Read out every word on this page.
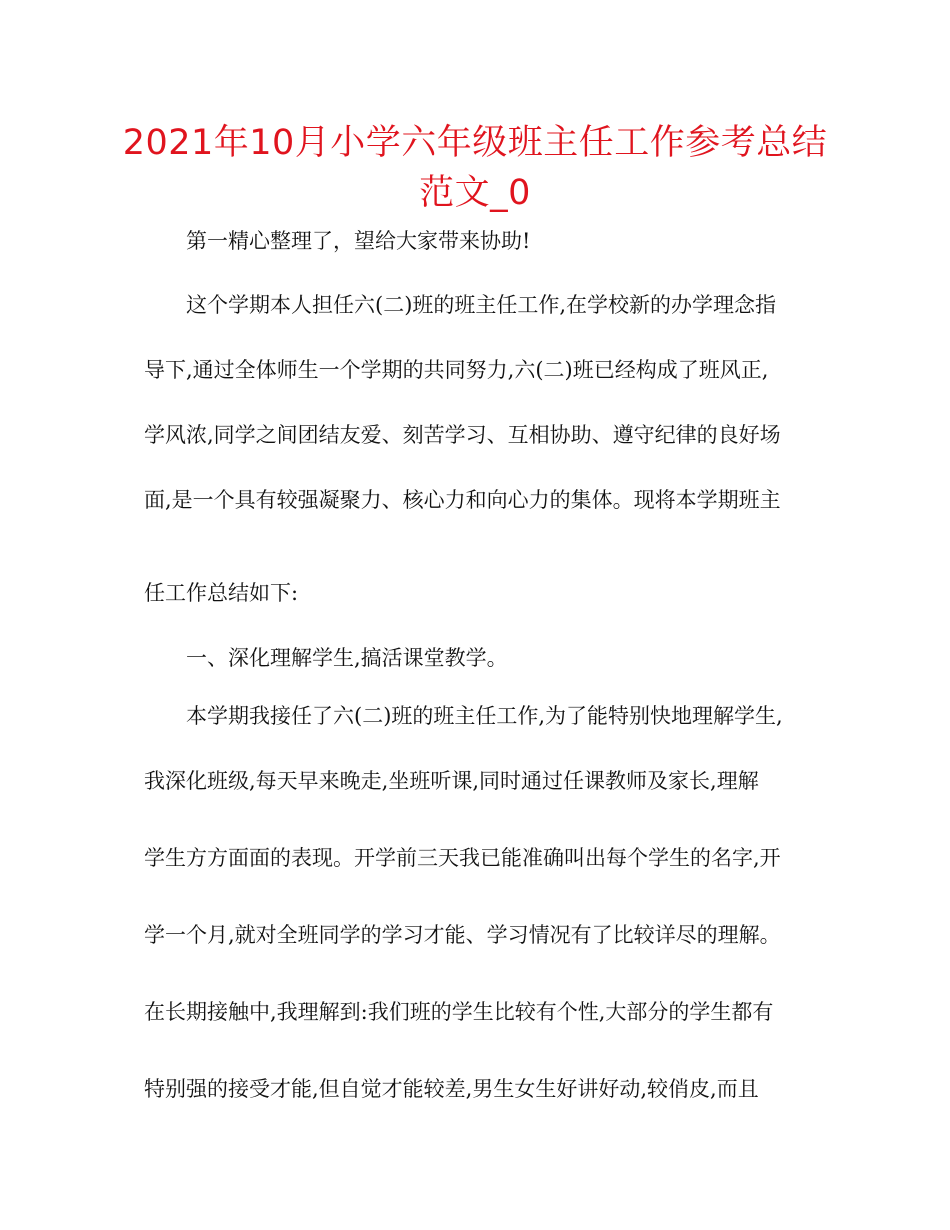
2021年10月小学六年级班主任工作参考总结范文_0
第一精心整理了，望给大家带来协助!
这个学期本人担任六(二)班的班主任工作,在学校新的办学理念指
导下,通过全体师生一个学期的共同努力,六(二)班已经构成了班风正,
学风浓,同学之间团结友爱、刻苦学习、互相协助、遵守纪律的良好场
面,是一个具有较强凝聚力、核心力和向心力的集体。现将本学期班主
任工作总结如下:
一、深化理解学生,搞活课堂教学。
本学期我接任了六(二)班的班主任工作,为了能特别快地理解学生,
我深化班级,每天早来晚走,坐班听课,同时通过任课教师及家长,理解
学生方方面面的表现。开学前三天我已能准确叫出每个学生的名字,开
学一个月,就对全班同学的学习才能、学习情况有了比较详尽的理解。
在长期接触中,我理解到:我们班的学生比较有个性,大部分的学生都有
特别强的接受才能,但自觉才能较差,男生女生好讲好动,较俏皮,而且
